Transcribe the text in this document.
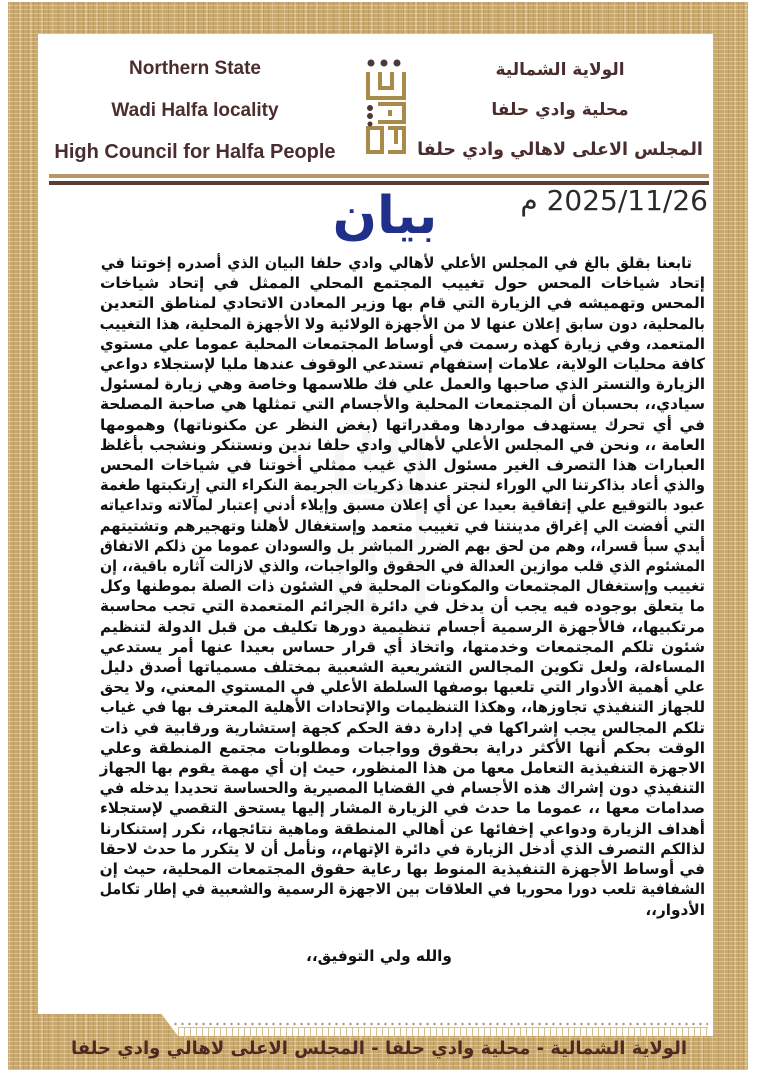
Northern State
Wadi Halfa locality
High Council for Halfa People
الولاية الشمالية
محلية وادي حلفا
المجلس الاعلى لاهالي وادي حلفا
2025/11/26 م
بيان
تابعنا بقلق بالغ في المجلس الأعلي لأهالي وادي حلفا البيان الذي أصدره إخوتنا في
إتحاد شياخات المحس حول تغييب المجتمع المحلي الممثل في إتحاد شياخات
المحس وتهميشه في الزيارة التي قام بها وزير المعادن الاتحادي لمناطق التعدين
بالمحلية، دون سابق إعلان عنها لا من الأجهزة الولائية ولا الأجهزة المحلية، هذا التغييب
المتعمد، وفي زيارة كهذه رسمت في أوساط المجتمعات المحلية عموما علي مستوي
كافة محليات الولاية، علامات إستفهام تستدعي الوقوف عندها مليا لإستجلاء دواعي
الزيارة والتستر الذي صاحبها والعمل علي فك طلاسمها وخاصة وهي زيارة لمسئول
سيادي،، بحسبان أن المجتمعات المحلية والأجسام التي تمثلها هي صاحبة المصلحة
في أي تحرك يستهدف مواردها ومقدراتها (بغض النظر عن مكنوناتها) وهمومها
العامة ،، ونحن في المجلس الأعلي لأهالي وادي حلفا ندين ونستنكر ونشجب بأغلظ
العبارات هذا التصرف الغير مسئول الذي غيب ممثلي أخوتنا في شياخات المحس
والذي أعاد بذاكرتنا الي الوراء لنجتر عندها ذكريات الجريمة النكراء التي إرتكبتها طغمة
عبود بالتوقيع علي إتفاقية بعيدا عن أي إعلان مسبق وإيلاء أدني إعتبار لمآلاته وتداعياته
التي أفضت الي إغراق مدينتنا في تغييب متعمد وإستغفال لأهلنا وتهجيرهم وتشتيتهم
أيدي سبأ قسرا،، وهم من لحق بهم الضرر المباشر بل والسودان عموما من ذلكم الاتفاق
المشئوم الذي قلب موازين العدالة في الحقوق والواجبات، والذي لازالت آثاره باقية،، إن
تغييب وإستغفال المجتمعات والمكونات المحلية في الشئون ذات الصلة بموطنها وكل
ما يتعلق بوجوده فيه يجب أن يدخل في دائرة الجرائم المتعمدة التي تجب محاسبة
مرتكبيها،، فالأجهزة الرسمية أجسام تنظيمية دورها تكليف من قبل الدولة لتنظيم
شئون تلكم المجتمعات وخدمتها، واتخاذ أي قرار حساس بعيدا عنها أمر يستدعي
المساءلة، ولعل تكوين المجالس التشريعية الشعبية بمختلف مسمياتها أصدق دليل
علي أهمية الأدوار التي تلعبها بوصفها السلطة الأعلي في المستوي المعني، ولا يحق
للجهاز التنفيذي تجاوزها،، وهكذا التنظيمات والإتحادات الأهلية المعترف بها في غياب
تلكم المجالس يجب إشراكها في إدارة دفة الحكم كجهة إستشارية ورقابية في ذات
الوقت بحكم أنها الأكثر دراية بحقوق وواجبات ومطلوبات مجتمع المنطقة وعلي
الاجهزة التنفيذية التعامل معها من هذا المنظور، حيث إن أي مهمة يقوم بها الجهاز
التنفيذي دون إشراك هذه الأجسام في القضايا المصيرية والحساسة تحديدا يدخله في
صدامات معها ،، عموما ما حدث في الزيارة المشار إليها يستحق التقصي لإستجلاء
أهداف الزيارة ودواعي إخفائها عن أهالي المنطقة وماهية نتائجها،، نكرر إستنكارنا
لذالكم التصرف الذي أدخل الزيارة في دائرة الإتهام،، ونأمل أن لا يتكرر ما حدث لاحقا
في أوساط الأجهزة التنفيذية المنوط بها رعاية حقوق المجتمعات المحلية، حيث إن
الشفافية تلعب دورا محوريا في العلاقات بين الاجهزة الرسمية والشعبية في إطار تكامل
الأدوار،،
والله ولي التوفيق،،
الولاية الشمالية - محلية وادي حلفا - المجلس الاعلى لاهالي وادي حلفا
